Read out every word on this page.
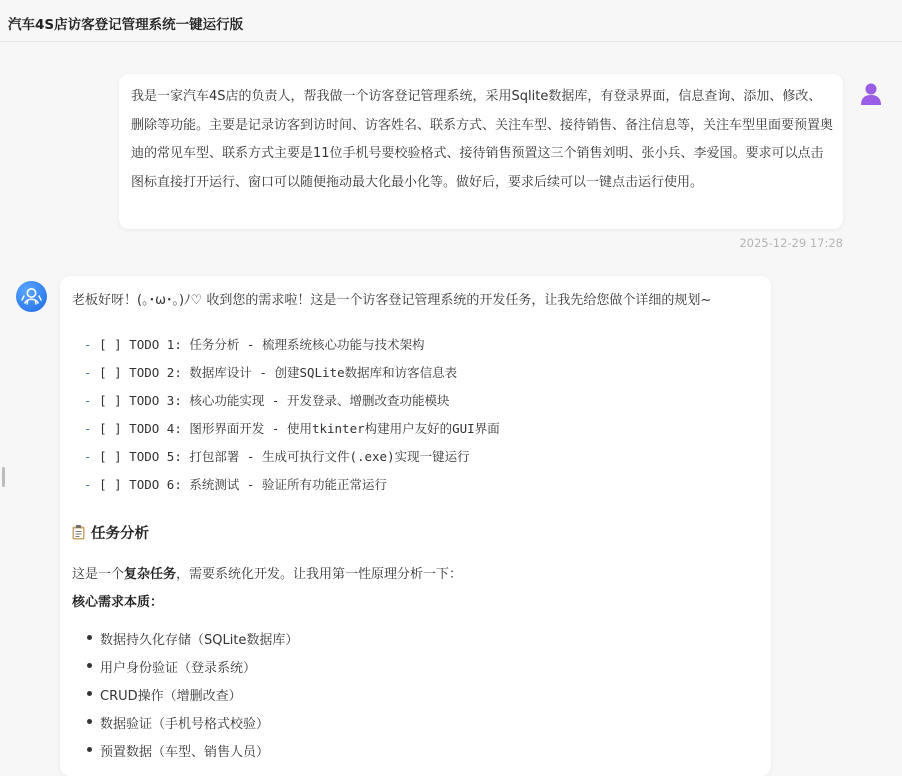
汽车4S店访客登记管理系统一键运行版
我是一家汽车4S店的负责人，帮我做一个访客登记管理系统，采用Sqlite数据库，有登录界面，信息查询、添加、修改、删除等功能。主要是记录访客到访时间、访客姓名、联系方式、关注车型、接待销售、备注信息等，关注车型里面要预置奥迪的常见车型、联系方式主要是11位手机号要校验格式、接待销售预置这三个销售刘明、张小兵、李爱国。要求可以点击图标直接打开运行、窗口可以随便拖动最大化最小化等。做好后，要求后续可以一键点击运行使用。
2025-12-29 17:28
老板好呀！(｡･ω･｡)ﾉ♡ 收到您的需求啦！这是一个访客登记管理系统的开发任务，让我先给您做个详细的规划~
- [ ] TODO 1: 任务分析 - 梳理系统核心功能与技术架构
- [ ] TODO 2: 数据库设计 - 创建SQLite数据库和访客信息表
- [ ] TODO 3: 核心功能实现 - 开发登录、增删改查功能模块
- [ ] TODO 4: 图形界面开发 - 使用tkinter构建用户友好的GUI界面
- [ ] TODO 5: 打包部署 - 生成可执行文件(.exe)实现一键运行
- [ ] TODO 6: 系统测试 - 验证所有功能正常运行
任务分析
这是一个复杂任务，需要系统化开发。让我用第一性原理分析一下：
核心需求本质：
数据持久化存储（SQLite数据库）
用户身份验证（登录系统）
CRUD操作（增删改查）
数据验证（手机号格式校验）
预置数据（车型、销售人员）
